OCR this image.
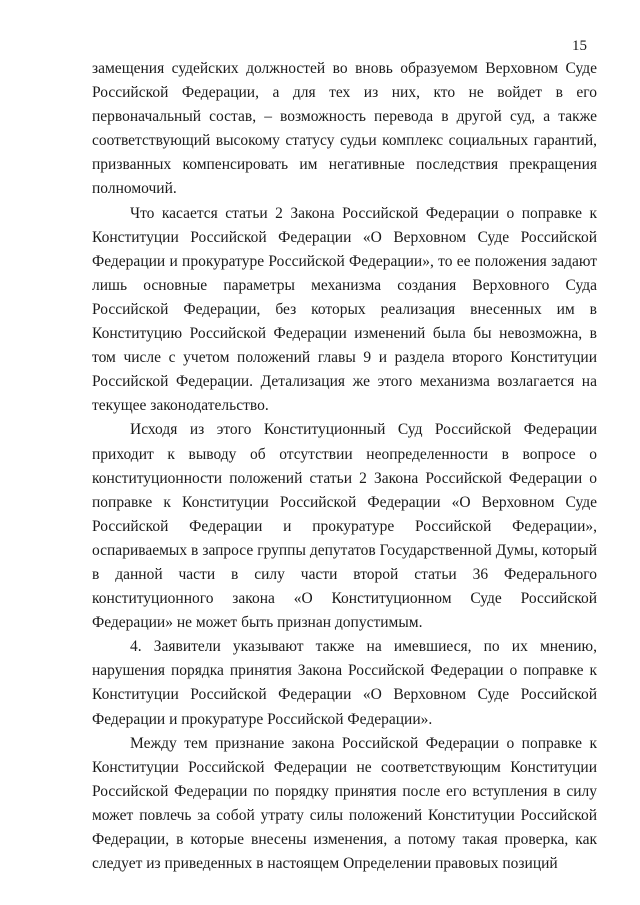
15

замещения судейских должностей во вновь образуемом Верховном Суде Российской Федерации, а для тех из них, кто не войдет в его первоначальный состав, – возможность перевода в другой суд, а также соответствующий высокому статусу судьи комплекс социальных гарантий, призванных компенсировать им негативные последствия прекращения полномочий.

Что касается статьи 2 Закона Российской Федерации о поправке к Конституции Российской Федерации «О Верховном Суде Российской Федерации и прокуратуре Российской Федерации», то ее положения задают лишь основные параметры механизма создания Верховного Суда Российской Федерации, без которых реализация внесенных им в Конституцию Российской Федерации изменений была бы невозможна, в том числе с учетом положений главы 9 и раздела второго Конституции Российской Федерации. Детализация же этого механизма возлагается на текущее законодательство.

Исходя из этого Конституционный Суд Российской Федерации приходит к выводу об отсутствии неопределенности в вопросе о конституционности положений статьи 2 Закона Российской Федерации о поправке к Конституции Российской Федерации «О Верховном Суде Российской Федерации и прокуратуре Российской Федерации», оспариваемых в запросе группы депутатов Государственной Думы, который в данной части в силу части второй статьи 36 Федерального конституционного закона «О Конституционном Суде Российской Федерации» не может быть признан допустимым.

4. Заявители указывают также на имевшиеся, по их мнению, нарушения порядка принятия Закона Российской Федерации о поправке к Конституции Российской Федерации «О Верховном Суде Российской Федерации и прокуратуре Российской Федерации».

Между тем признание закона Российской Федерации о поправке к Конституции Российской Федерации не соответствующим Конституции Российской Федерации по порядку принятия после его вступления в силу может повлечь за собой утрату силы положений Конституции Российской Федерации, в которые внесены изменения, а потому такая проверка, как следует из приведенных в настоящем Определении правовых позиций
